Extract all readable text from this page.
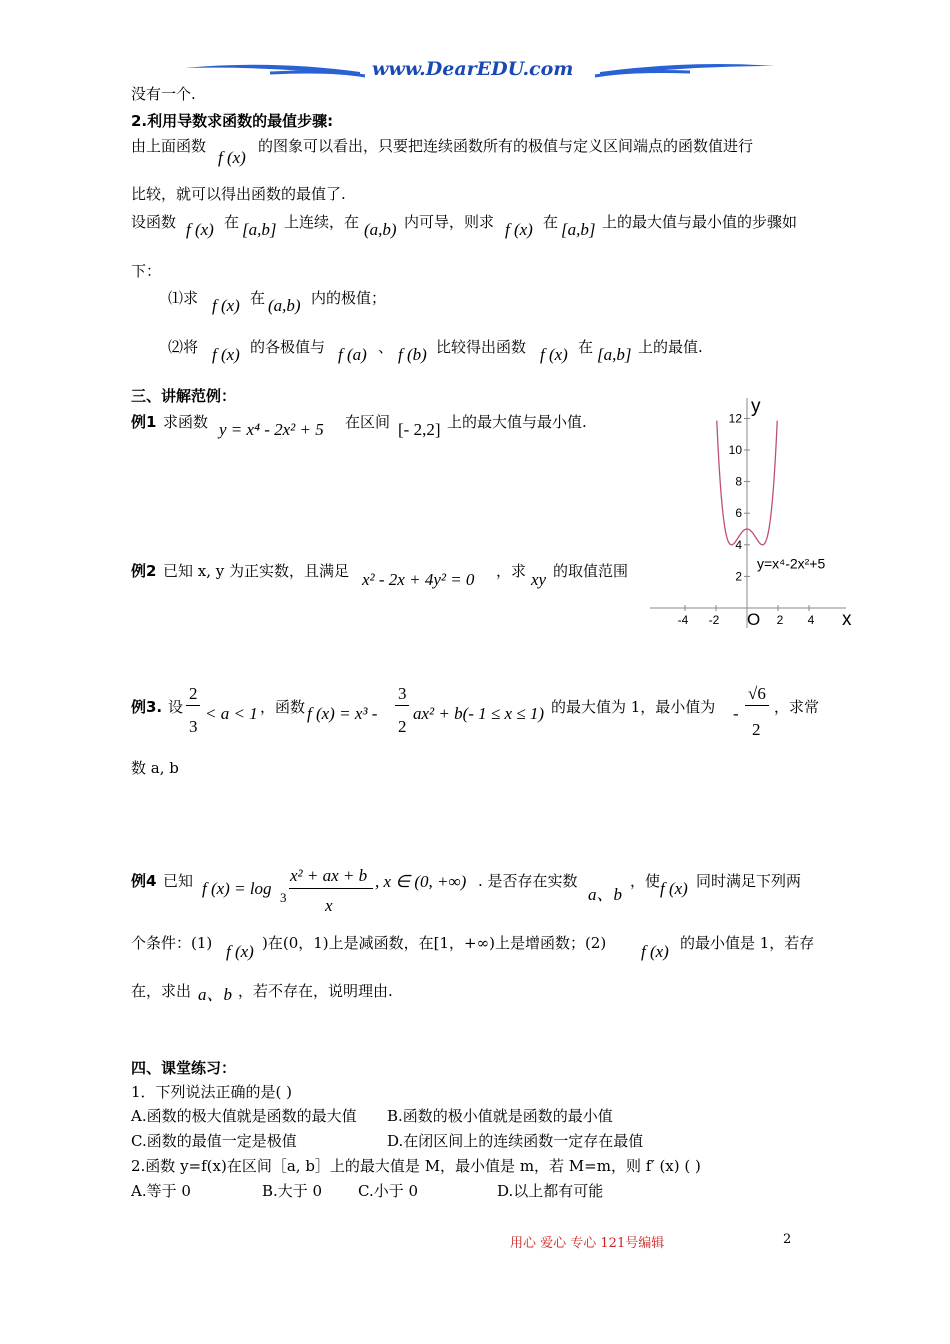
www.DearEDU.com
没有一个.
2.利用导数求函数的最值步骤:
由上面函数
f (x)
的图象可以看出，只要把连续函数所有的极值与定义区间端点的函数值进行
比较，就可以得出函数的最值了.
设函数 f (x) 在 [a,b] 上连续，在 (a,b) 内可导，则求 f (x) 在 [a,b] 上的最大值与最小值的步骤如
下：
⑴求 f (x) 在 (a,b) 内的极值；
⑵将 f (x) 的各极值与 f (a) 、 f (b) 比较得出函数 f (x) 在 [a,b] 上的最值.
三、讲解范例：
例1 求函数 y = x⁴ - 2x² + 5 在区间 [- 2,2] 上的最大值与最小值.
例2 已知 x, y 为正实数，且满足 x² - 2x + 4y² = 0 ，求 xy 的取值范围
例3. 设
2
3
< a < 1 ，函数 f (x) = x³ -
3
2
ax² + b(- 1 ≤ x ≤ 1) 的最大值为 1，最小值为 -
√6
2
，求常
数 a, b
例4 已知 f (x) = log 3
x² + ax + b
x
, x ∈ (0, +∞) . 是否存在实数
a、b
，使 f (x) 同时满足下列两
个条件：(1) f (x) )在(0，1)上是减函数，在[1，+∞)上是增函数；(2) f (x) 的最小值是 1，若存
在，求出 a、b ，若不存在，说明理由.
四、课堂练习：
1．下列说法正确的是( )
A.函数的极大值就是函数的最大值 B.函数的极小值就是函数的最小值
C.函数的最值一定是极值	D.在闭区间上的连续函数一定存在最值
2.函数 y=f(x)在区间［a, b］上的最大值是 M，最小值是 m，若 M=m，则 f′ (x) ( )
A.等于 0	B.大于 0 C.小于 0	D.以上都有可能
用心 爱心 专心 121号编辑	2
12
10
8
6
4
2
-4 -2	2 4
y
x
O
y=x⁴-2x²+5
